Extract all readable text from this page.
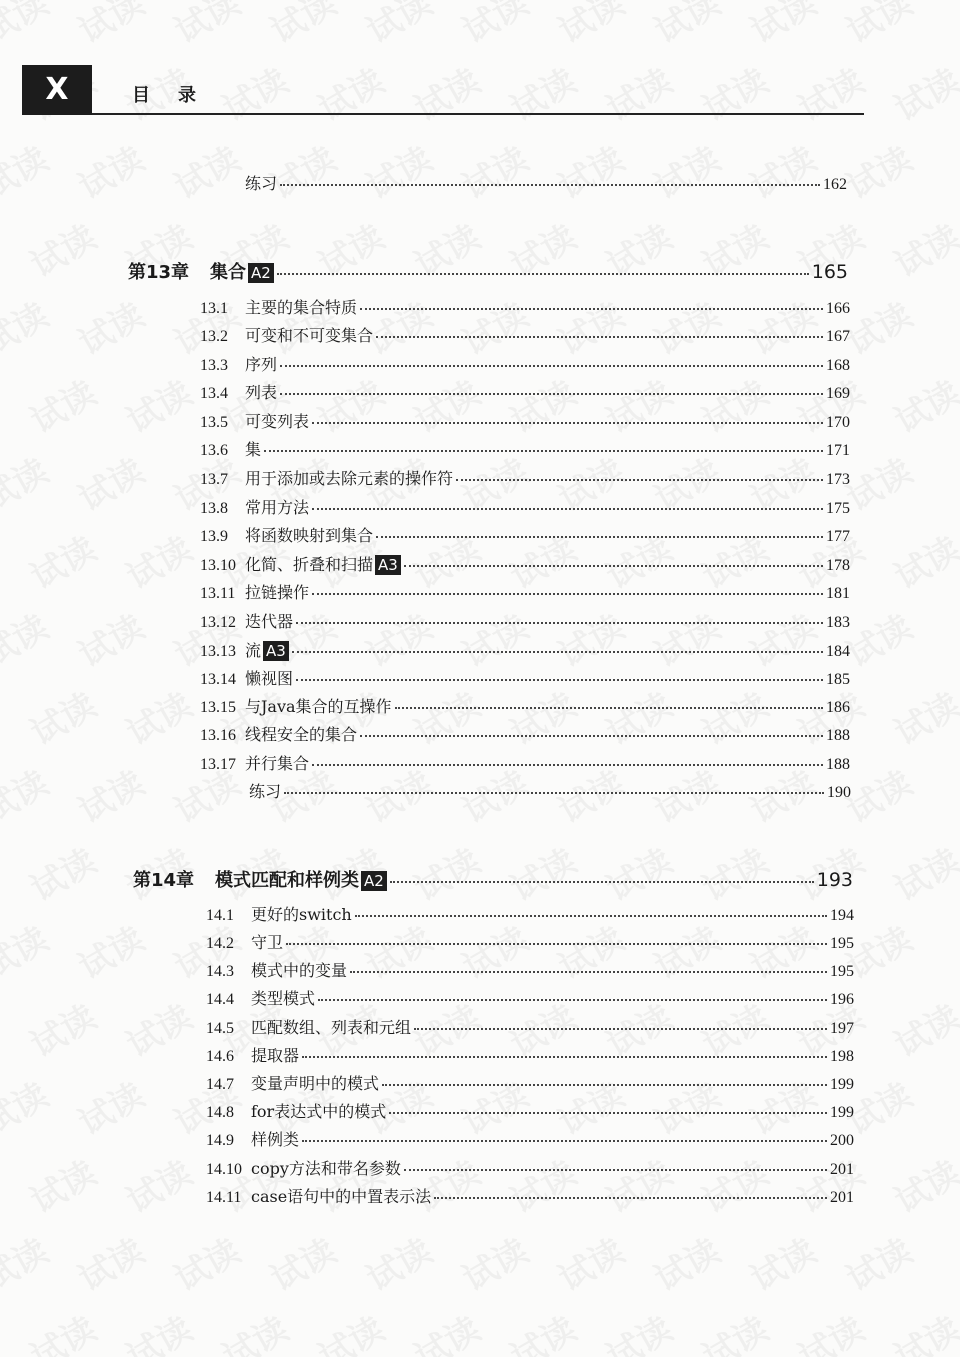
X	目录
练习	162
第13章	集合 A2	165
13.1	主要的集合特质	166
13.2	可变和不可变集合	167
13.3	序列	168
13.4	列表	169
13.5	可变列表	170
13.6	集	171
13.7	用于添加或去除元素的操作符	173
13.8	常用方法	175
13.9	将函数映射到集合	177
13.10 化简、折叠和扫描 A3	178
13.11 拉链操作	181
13.12 迭代器	183
13.13 流 A3	184
13.14 懒视图	185
13.15 与Java集合的互操作	186
13.16 线程安全的集合	188
13.17 并行集合	188
练习	190
第14章	模式匹配和样例类 A2	193
14.1	更好的switch	194
14.2	守卫	195
14.3	模式中的变量	195
14.4	类型模式	196
14.5	匹配数组、列表和元组	197
14.6	提取器	198
14.7	变量声明中的模式	199
14.8	for表达式中的模式	199
14.9	样例类	200
14.10 copy方法和带名参数	201
14.11 case语句中的中置表示法	201
